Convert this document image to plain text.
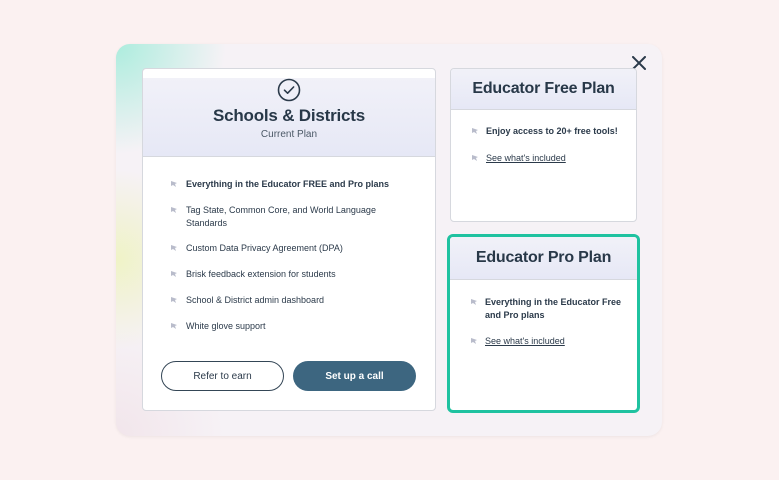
Schools & Districts
Current Plan
Everything in the Educator FREE and Pro plans
Tag State, Common Core, and World Language Standards
Custom Data Privacy Agreement (DPA)
Brisk feedback extension for students
School & District admin dashboard
White glove support
Refer to earn	Set up a call
Educator Free Plan
Enjoy access to 20+ free tools!
See what's included
Educator Pro Plan
Everything in the Educator Free and Pro plans
See what's included
